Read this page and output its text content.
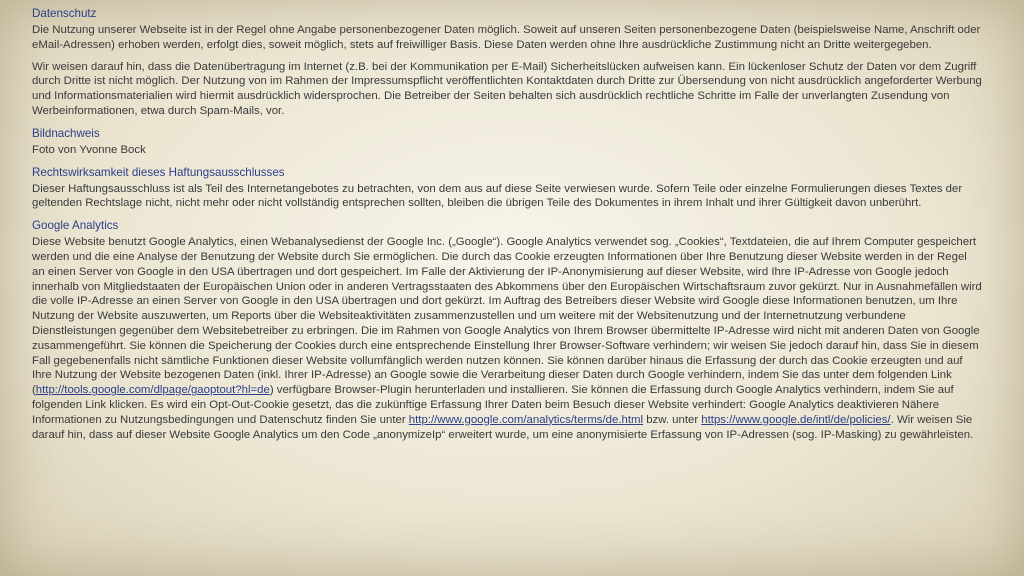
Datenschutz

Die Nutzung unserer Webseite ist in der Regel ohne Angabe personenbezogener Daten möglich. Soweit auf unseren Seiten personenbezogene Daten (beispielsweise Name, Anschrift oder eMail-Adressen) erhoben werden, erfolgt dies, soweit möglich, stets auf freiwilliger Basis. Diese Daten werden ohne Ihre ausdrückliche Zustimmung nicht an Dritte weitergegeben.

Wir weisen darauf hin, dass die Datenübertragung im Internet (z.B. bei der Kommunikation per E-Mail) Sicherheitslücken aufweisen kann. Ein lückenloser Schutz der Daten vor dem Zugriff durch Dritte ist nicht möglich. Der Nutzung von im Rahmen der Impressumspflicht veröffentlichten Kontaktdaten durch Dritte zur Übersendung von nicht ausdrücklich angeforderter Werbung und Informationsmaterialien wird hiermit ausdrücklich widersprochen. Die Betreiber der Seiten behalten sich ausdrücklich rechtliche Schritte im Falle der unverlangten Zusendung von Werbeinformationen, etwa durch Spam-Mails, vor.

Bildnachweis

Foto von Yvonne Bock

Rechtswirksamkeit dieses Haftungsausschlusses

Dieser Haftungsausschluss ist als Teil des Internetangebotes zu betrachten, von dem aus auf diese Seite verwiesen wurde. Sofern Teile oder einzelne Formulierungen dieses Textes der geltenden Rechtslage nicht, nicht mehr oder nicht vollständig entsprechen sollten, bleiben die übrigen Teile des Dokumentes in ihrem Inhalt und ihrer Gültigkeit davon unberührt.

Google Analytics

Diese Website benutzt Google Analytics, einen Webanalysedienst der Google Inc. („Google“). Google Analytics verwendet sog. „Cookies“, Textdateien, die auf Ihrem Computer gespeichert werden und die eine Analyse der Benutzung der Website durch Sie ermöglichen. Die durch das Cookie erzeugten Informationen über Ihre Benutzung dieser Website werden in der Regel an einen Server von Google in den USA übertragen und dort gespeichert. Im Falle der Aktivierung der IP-Anonymisierung auf dieser Website, wird Ihre IP-Adresse von Google jedoch innerhalb von Mitgliedstaaten der Europäischen Union oder in anderen Vertragsstaaten des Abkommens über den Europäischen Wirtschaftsraum zuvor gekürzt. Nur in Ausnahmefällen wird die volle IP-Adresse an einen Server von Google in den USA übertragen und dort gekürzt. Im Auftrag des Betreibers dieser Website wird Google diese Informationen benutzen, um Ihre Nutzung der Website auszuwerten, um Reports über die Websiteaktivitäten zusammenzustellen und um weitere mit der Websitenutzung und der Internetnutzung verbundene Dienstleistungen gegenüber dem Websitebetreiber zu erbringen. Die im Rahmen von Google Analytics von Ihrem Browser übermittelte IP-Adresse wird nicht mit anderen Daten von Google zusammengeführt. Sie können die Speicherung der Cookies durch eine entsprechende Einstellung Ihrer Browser-Software verhindern; wir weisen Sie jedoch darauf hin, dass Sie in diesem Fall gegebenenfalls nicht sämtliche Funktionen dieser Website vollumfänglich werden nutzen können. Sie können darüber hinaus die Erfassung der durch das Cookie erzeugten und auf Ihre Nutzung der Website bezogenen Daten (inkl. Ihrer IP-Adresse) an Google sowie die Verarbeitung dieser Daten durch Google verhindern, indem Sie das unter dem folgenden Link (http://tools.google.com/dlpage/gaoptout?hl=de) verfügbare Browser-Plugin herunterladen und installieren. Sie können die Erfassung durch Google Analytics verhindern, indem Sie auf folgenden Link klicken. Es wird ein Opt-Out-Cookie gesetzt, das die zukünftige Erfassung Ihrer Daten beim Besuch dieser Website verhindert: Google Analytics deaktivieren Nähere Informationen zu Nutzungsbedingungen und Datenschutz finden Sie unter http://www.google.com/analytics/terms/de.html bzw. unter https://www.google.de/intl/de/policies/. Wir weisen Sie darauf hin, dass auf dieser Website Google Analytics um den Code „anonymizeIp“ erweitert wurde, um eine anonymisierte Erfassung von IP-Adressen (sog. IP-Masking) zu gewährleisten.
